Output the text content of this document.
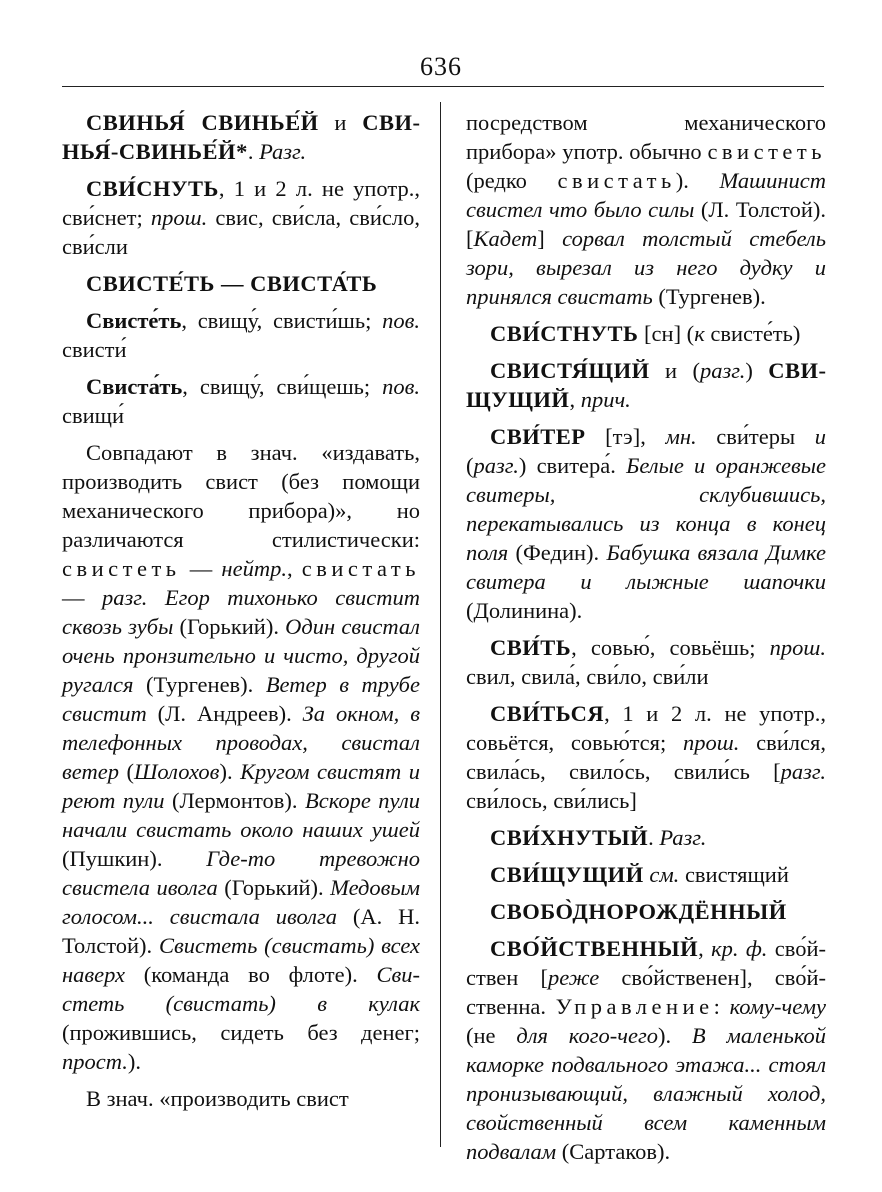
636

СВИНЬЯ́ СВИНЬЕ́Й и СВИНЬЯ́-СВИНЬЕ́Й*. Разг.

СВИ́СНУТЬ, 1 и 2 л. не употр., сви́снет; прош. свис, сви́сла, сви́сло, сви́сли

СВИСТЕ́ТЬ — СВИСТА́ТЬ

Свисте́ть, свищу́, свисти́шь; пов. свисти́

Свиста́ть, свищу́, сви́щешь; пов. свищи́

Совпадают в знач. «издавать, производить свист (без помощи механического прибора)», но различаются стилистически: свистеть — нейтр., свистать — разг. Егор тихонько свистит сквозь зубы (Горький). Один свистал очень пронзительно и чисто, другой ругался (Тургенев). Ветер в трубе свистит (Л. Андреев). За окном, в телефонных проводах, свистал ветер (Шолохов). Кругом свистят и реют пули (Лермонтов). Вскоре пули начали свистать около наших ушей (Пушкин). Где-то тревожно свистела иволга (Горький). Медовым голосом... свистала иволга (А. Н. Толстой). Свистеть (свистать) всех наверх (команда во флоте). Свистеть (свистать) в кулак (прожившись, сидеть без денег; прост.).

В знач. «производить свист

посредством механического прибора» употр. обычно свистеть (редко свистать). Машинист свистел что было силы (Л. Толстой). [Кадет] сорвал толстый стебель зори, вырезал из него дудку и принялся свистать (Тургенев).

СВИ́СТНУТЬ [сн] (к свисте́ть)

СВИСТЯ́ЩИЙ и (разг.) СВИЩУЩИЙ, прич.

СВИ́ТЕР [тэ], мн. сви́теры и (разг.) свитера́. Белые и оранжевые свитеры, склубившись, перекатывались из конца в конец поля (Федин). Бабушка вязала Димке свитера и лыжные шапочки (Долинина).

СВИ́ТЬ, совью́, совьёшь; прош. свил, свила́, сви́ло, сви́ли

СВИ́ТЬСЯ, 1 и 2 л. не употр., совьётся, совью́тся; прош. сви́лся, свила́сь, свило́сь, свили́сь [разг. сви́лось, сви́лись]

СВИ́ХНУТЫЙ. Разг.

СВИ́ЩУЩИЙ см. свистящий

СВОБО̀ДНОРОЖДЁННЫЙ

СВО́ЙСТВЕННЫЙ, кр. ф. сво́йствен [реже сво́йственен], сво́йственна. Управление: кому-чему (не для кого-чего). В маленькой каморке подвального этажа... стоял пронизывающий, влажный холод, свойственный всем каменным подвалам (Сартаков).
